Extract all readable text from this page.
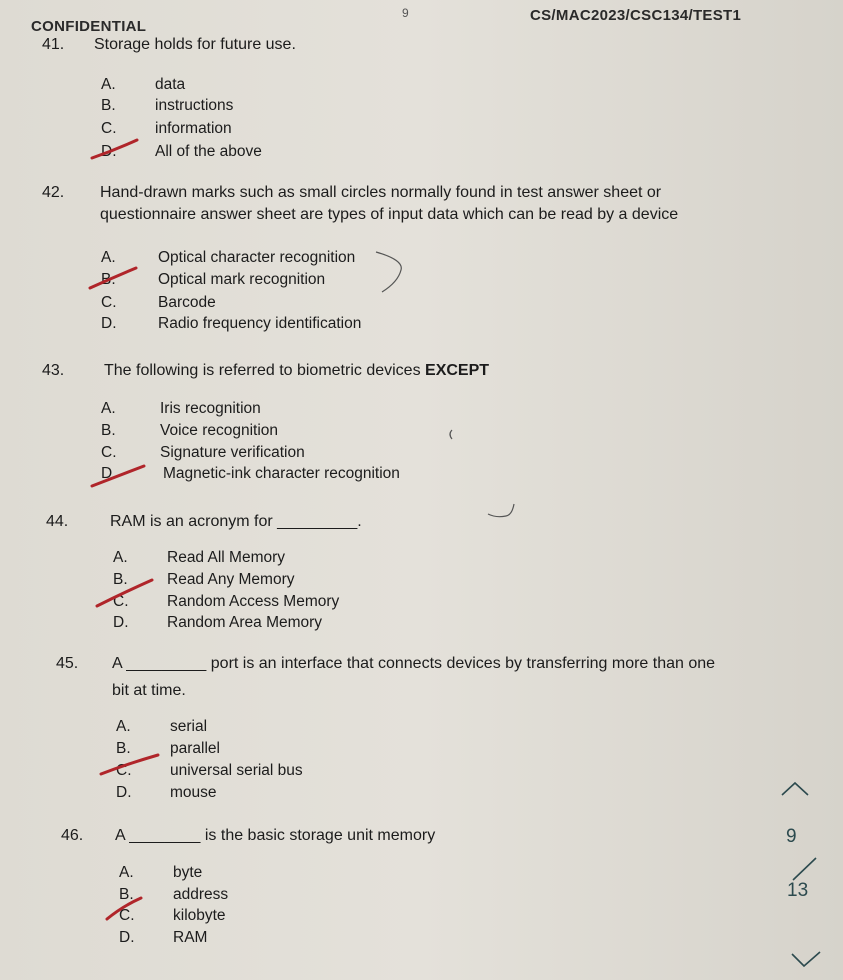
CONFIDENTIAL
9	CS/MAC2023/CSC134/TEST1
41. Storage holds for future use.
A.	data
B.	instructions
C. information
D. All of the above
42. Hand-drawn marks such as small circles normally found in test answer sheet or
questionnaire answer sheet are types of input data which can be read by a device
A.	Optical character recognition
B.	Optical mark recognition
C.	Barcode
D.	Radio frequency identification
43. The following is referred to biometric devices EXCEPT
A.	Iris recognition
B.	Voice recognition
C.	Signature verification
D.	Magnetic-ink character recognition
44.	RAM is an acronym for _________.
A.	Read All Memory
B.	Read Any Memory
C. Random Access Memory
D. Random Area Memory
45. A _________ port is an interface that connects devices by transferring more than one
bit at time.
A.	serial
B.	parallel
C. universal serial bus
D. mouse
46. A ________ is the basic storage unit memory
A.	byte
B.	address
C. kilobyte
D. RAM
9
13
